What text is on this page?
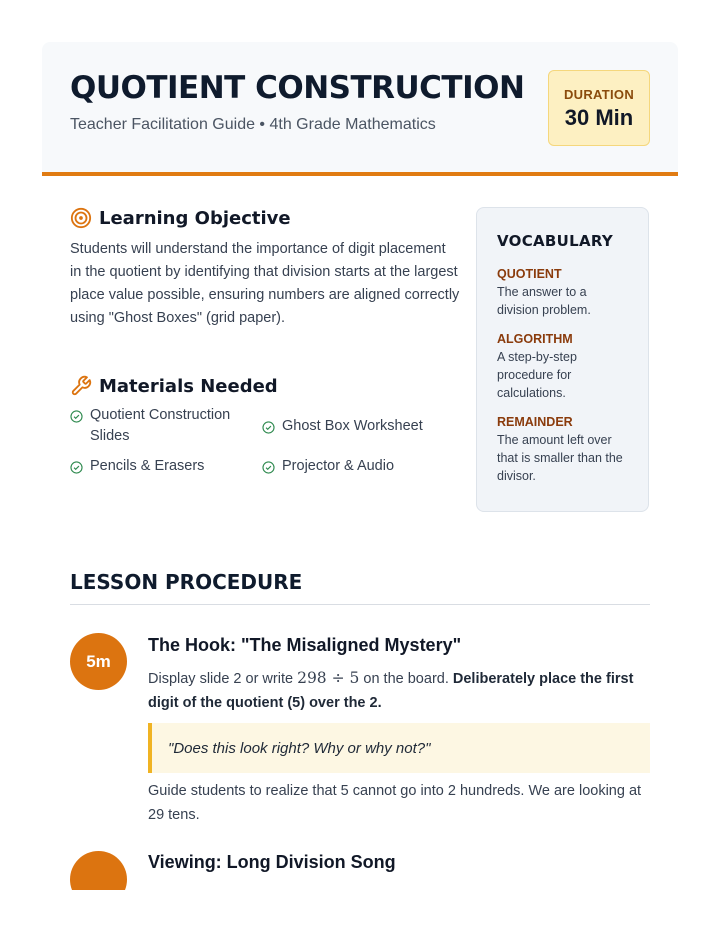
QUOTIENT CONSTRUCTION
Teacher Facilitation Guide • 4th Grade Mathematics
DURATION
30 Min
Learning Objective
Students will understand the importance of digit placement in the quotient by identifying that division starts at the largest place value possible, ensuring numbers are aligned correctly using "Ghost Boxes" (grid paper).
Materials Needed
Quotient Construction Slides
Ghost Box Worksheet
Pencils & Erasers	Projector & Audio
VOCABULARY
QUOTIENT
The answer to a division problem.
ALGORITHM
A step-by-step procedure for calculations.
REMAINDER
The amount left over that is smaller than the divisor.
LESSON PROCEDURE
5m
The Hook: "The Misaligned Mystery"
Display slide 2 or write 298 ÷ 5 on the board. Deliberately place the first digit of the quotient (5) over the 2.
"Does this look right? Why or why not?"
Guide students to realize that 5 cannot go into 2 hundreds. We are looking at 29 tens.
Viewing: Long Division Song
